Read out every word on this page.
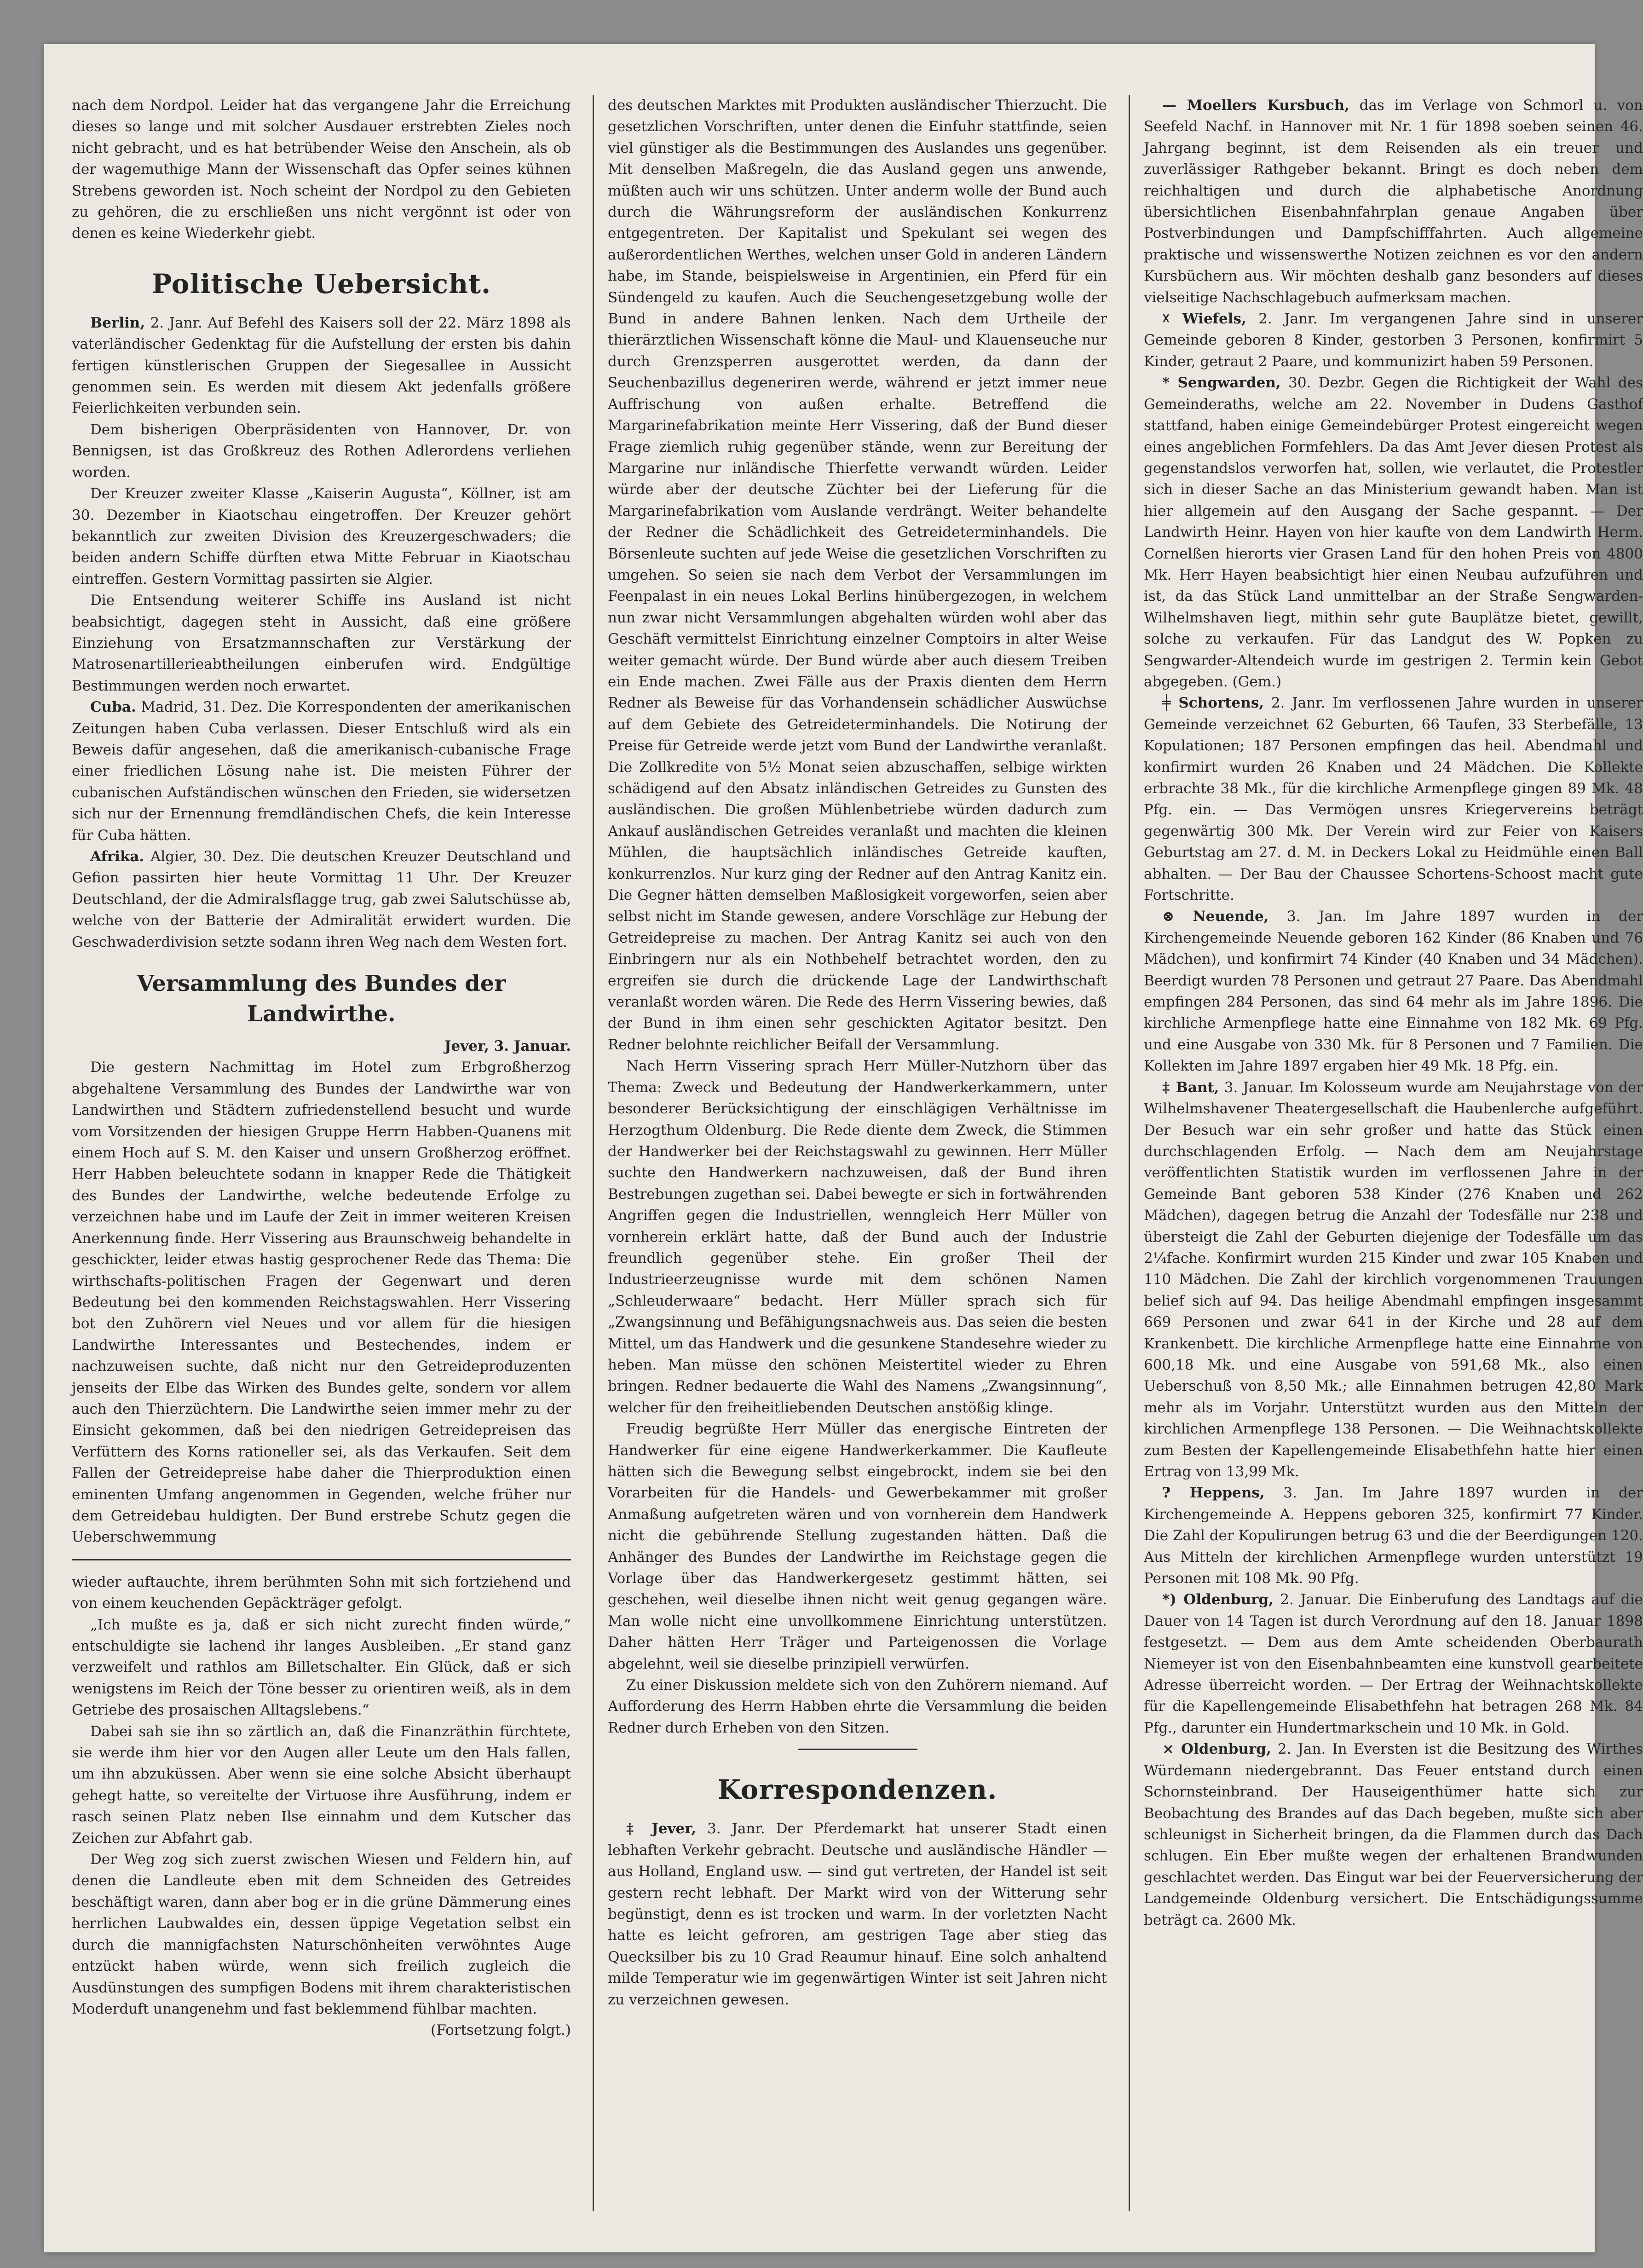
nach dem Nordpol. Leider hat das vergangene Jahr die Erreichung dieses so lange und mit solcher Ausdauer erstrebten Zieles noch nicht gebracht, und es hat betrübender Weise den Anschein, als ob der wagemuthige Mann der Wissenschaft das Opfer seines kühnen Strebens geworden ist. Noch scheint der Nordpol zu den Gebieten zu gehören, die zu erschließen uns nicht vergönnt ist oder von denen es keine Wiederkehr giebt.

Politische Uebersicht.

Berlin, 2. Janr. Auf Befehl des Kaisers soll der 22. März 1898 als vaterländischer Gedenktag für die Aufstellung der ersten bis dahin fertigen künstlerischen Gruppen der Siegesallee in Aussicht genommen sein. Es werden mit diesem Akt jedenfalls größere Feierlichkeiten verbunden sein.

Dem bisherigen Oberpräsidenten von Hannover, Dr. von Bennigsen, ist das Großkreuz des Rothen Adlerordens verliehen worden.

Der Kreuzer zweiter Klasse „Kaiserin Augusta“, Köllner, ist am 30. Dezember in Kiaotschau eingetroffen. Der Kreuzer gehört bekanntlich zur zweiten Division des Kreuzergeschwaders; die beiden andern Schiffe dürften etwa Mitte Februar in Kiaotschau eintreffen. Gestern Vormittag passirten sie Algier.

Die Entsendung weiterer Schiffe ins Ausland ist nicht beabsichtigt, dagegen steht in Aussicht, daß eine größere Einziehung von Ersatzmannschaften zur Verstärkung der Matrosenartillerieabtheilungen einberufen wird. Endgültige Bestimmungen werden noch erwartet.

Cuba. Madrid, 31. Dez. Die Korrespondenten der amerikanischen Zeitungen haben Cuba verlassen. Dieser Entschluß wird als ein Beweis dafür angesehen, daß die amerikanisch-cubanische Frage einer friedlichen Lösung nahe ist. Die meisten Führer der cubanischen Aufständischen wünschen den Frieden, sie widersetzen sich nur der Ernennung fremdländischen Chefs, die kein Interesse für Cuba hätten.

Afrika. Algier, 30. Dez. Die deutschen Kreuzer Deutschland und Gefion passirten hier heute Vormittag 11 Uhr. Der Kreuzer Deutschland, der die Admiralsflagge trug, gab zwei Salutschüsse ab, welche von der Batterie der Admiralität erwidert wurden. Die Geschwaderdivision setzte sodann ihren Weg nach dem Westen fort.

Versammlung des Bundes der Landwirthe.
Jever, 3. Januar.

Die gestern Nachmittag im Hotel zum Erbgroßherzog abgehaltene Versammlung des Bundes der Landwirthe war von Landwirthen und Städtern zufriedenstellend besucht und wurde vom Vorsitzenden der hiesigen Gruppe Herrn Habben-Quanens mit einem Hoch auf S. M. den Kaiser und unsern Großherzog eröffnet. Herr Habben beleuchtete sodann in knapper Rede die Thätigkeit des Bundes der Landwirthe, welche bedeutende Erfolge zu verzeichnen habe und im Laufe der Zeit in immer weiteren Kreisen Anerkennung finde. Herr Vissering aus Braunschweig behandelte in geschickter, leider etwas hastig gesprochener Rede das Thema: Die wirthschafts-politischen Fragen der Gegenwart und deren Bedeutung bei den kommenden Reichstagswahlen. Herr Vissering bot den Zuhörern viel Neues und vor allem für die hiesigen Landwirthe Interessantes und Bestechendes, indem er nachzuweisen suchte, daß nicht nur den Getreideproduzenten jenseits der Elbe das Wirken des Bundes gelte, sondern vor allem auch den Thierzüchtern. Die Landwirthe seien immer mehr zu der Einsicht gekommen, daß bei den niedrigen Getreidepreisen das Verfüttern des Korns rationeller sei, als das Verkaufen. Seit dem Fallen der Getreidepreise habe daher die Thierproduktion einen eminenten Umfang angenommen in Gegenden, welche früher nur dem Getreidebau huldigten. Der Bund erstrebe Schutz gegen die Ueberschwemmung

wieder auftauchte, ihrem berühmten Sohn mit sich fortziehend und von einem keuchenden Gepäckträger gefolgt.

„Ich mußte es ja, daß er sich nicht zurecht finden würde,“ entschuldigte sie lachend ihr langes Ausbleiben. „Er stand ganz verzweifelt und rathlos am Billetschalter. Ein Glück, daß er sich wenigstens im Reich der Töne besser zu orientiren weiß, als in dem Getriebe des prosaischen Alltagslebens.“

Dabei sah sie ihn so zärtlich an, daß die Finanzräthin fürchtete, sie werde ihm hier vor den Augen aller Leute um den Hals fallen, um ihn abzuküssen. Aber wenn sie eine solche Absicht überhaupt gehegt hatte, so vereitelte der Virtuose ihre Ausführung, indem er rasch seinen Platz neben Ilse einnahm und dem Kutscher das Zeichen zur Abfahrt gab.

Der Weg zog sich zuerst zwischen Wiesen und Feldern hin, auf denen die Landleute eben mit dem Schneiden des Getreides beschäftigt waren, dann aber bog er in die grüne Dämmerung eines herrlichen Laubwaldes ein, dessen üppige Vegetation selbst ein durch die mannigfachsten Naturschönheiten verwöhntes Auge entzückt haben würde, wenn sich freilich zugleich die Ausdünstungen des sumpfigen Bodens mit ihrem charakteristischen Moderduft unangenehm und fast beklemmend fühlbar machten.

(Fortsetzung folgt.)

des deutschen Marktes mit Produkten ausländischer Thierzucht. Die gesetzlichen Vorschriften, unter denen die Einfuhr stattfinde, seien viel günstiger als die Bestimmungen des Auslandes uns gegenüber. Mit denselben Maßregeln, die das Ausland gegen uns anwende, müßten auch wir uns schützen. Unter anderm wolle der Bund auch durch die Währungsreform der ausländischen Konkurrenz entgegentreten. Der Kapitalist und Spekulant sei wegen des außerordentlichen Werthes, welchen unser Gold in anderen Ländern habe, im Stande, beispielsweise in Argentinien, ein Pferd für ein Sündengeld zu kaufen. Auch die Seuchengesetzgebung wolle der Bund in andere Bahnen lenken. Nach dem Urtheile der thierärztlichen Wissenschaft könne die Maul- und Klauenseuche nur durch Grenzsperren ausgerottet werden, da dann der Seuchenbazillus degeneriren werde, während er jetzt immer neue Auffrischung von außen erhalte. Betreffend die Margarinefabrikation meinte Herr Vissering, daß der Bund dieser Frage ziemlich ruhig gegenüber stände, wenn zur Bereitung der Margarine nur inländische Thierfette verwandt würden. Leider würde aber der deutsche Züchter bei der Lieferung für die Margarinefabrikation vom Auslande verdrängt. Weiter behandelte der Redner die Schädlichkeit des Getreideterminhandels. Die Börsenleute suchten auf jede Weise die gesetzlichen Vorschriften zu umgehen. So seien sie nach dem Verbot der Versammlungen im Feenpalast in ein neues Lokal Berlins hinübergezogen, in welchem nun zwar nicht Versammlungen abgehalten würden wohl aber das Geschäft vermittelst Einrichtung einzelner Comptoirs in alter Weise weiter gemacht würde. Der Bund würde aber auch diesem Treiben ein Ende machen. Zwei Fälle aus der Praxis dienten dem Herrn Redner als Beweise für das Vorhandensein schädlicher Auswüchse auf dem Gebiete des Getreideterminhandels. Die Notirung der Preise für Getreide werde jetzt vom Bund der Landwirthe veranlaßt. Die Zollkredite von 5½ Monat seien abzuschaffen, selbige wirkten schädigend auf den Absatz inländischen Getreides zu Gunsten des ausländischen. Die großen Mühlenbetriebe würden dadurch zum Ankauf ausländischen Getreides veranlaßt und machten die kleinen Mühlen, die hauptsächlich inländisches Getreide kauften, konkurrenzlos. Nur kurz ging der Redner auf den Antrag Kanitz ein. Die Gegner hätten demselben Maßlosigkeit vorgeworfen, seien aber selbst nicht im Stande gewesen, andere Vorschläge zur Hebung der Getreidepreise zu machen. Der Antrag Kanitz sei auch von den Einbringern nur als ein Nothbehelf betrachtet worden, den zu ergreifen sie durch die drückende Lage der Landwirthschaft veranlaßt worden wären. Die Rede des Herrn Vissering bewies, daß der Bund in ihm einen sehr geschickten Agitator besitzt. Den Redner belohnte reichlicher Beifall der Versammlung.

Nach Herrn Vissering sprach Herr Müller-Nutzhorn über das Thema: Zweck und Bedeutung der Handwerkerkammern, unter besonderer Berücksichtigung der einschlägigen Verhältnisse im Herzogthum Oldenburg. Die Rede diente dem Zweck, die Stimmen der Handwerker bei der Reichstagswahl zu gewinnen. Herr Müller suchte den Handwerkern nachzuweisen, daß der Bund ihren Bestrebungen zugethan sei. Dabei bewegte er sich in fortwährenden Angriffen gegen die Industriellen, wenngleich Herr Müller von vornherein erklärt hatte, daß der Bund auch der Industrie freundlich gegenüber stehe. Ein großer Theil der Industrieerzeugnisse wurde mit dem schönen Namen „Schleuderwaare“ bedacht. Herr Müller sprach sich für „Zwangsinnung und Befähigungsnachweis aus. Das seien die besten Mittel, um das Handwerk und die gesunkene Standesehre wieder zu heben. Man müsse den schönen Meistertitel wieder zu Ehren bringen. Redner bedauerte die Wahl des Namens „Zwangsinnung“, welcher für den freiheitliebenden Deutschen anstößig klinge.

Freudig begrüßte Herr Müller das energische Eintreten der Handwerker für eine eigene Handwerkerkammer. Die Kaufleute hätten sich die Bewegung selbst eingebrockt, indem sie bei den Vorarbeiten für die Handels- und Gewerbekammer mit großer Anmaßung aufgetreten wären und von vornherein dem Handwerk nicht die gebührende Stellung zugestanden hätten. Daß die Anhänger des Bundes der Landwirthe im Reichstage gegen die Vorlage über das Handwerkergesetz gestimmt hätten, sei geschehen, weil dieselbe ihnen nicht weit genug gegangen wäre. Man wolle nicht eine unvollkommene Einrichtung unterstützen. Daher hätten Herr Träger und Parteigenossen die Vorlage abgelehnt, weil sie dieselbe prinzipiell verwürfen.

Zu einer Diskussion meldete sich von den Zuhörern niemand. Auf Aufforderung des Herrn Habben ehrte die Versammlung die beiden Redner durch Erheben von den Sitzen.

Korrespondenzen.

‡ Jever, 3. Janr. Der Pferdemarkt hat unserer Stadt einen lebhaften Verkehr gebracht. Deutsche und ausländische Händler — aus Holland, England usw. — sind gut vertreten, der Handel ist seit gestern recht lebhaft. Der Markt wird von der Witterung sehr begünstigt, denn es ist trocken und warm. In der vorletzten Nacht hatte es leicht gefroren, am gestrigen Tage aber stieg das Quecksilber bis zu 10 Grad Reaumur hinauf. Eine solch anhaltend milde Temperatur wie im gegenwärtigen Winter ist seit Jahren nicht zu verzeichnen gewesen.

— Moellers Kursbuch, das im Verlage von Schmorl u. von Seefeld Nachf. in Hannover mit Nr. 1 für 1898 soeben seinen 46. Jahrgang beginnt, ist dem Reisenden als ein treuer und zuverlässiger Rathgeber bekannt. Bringt es doch neben dem reichhaltigen und durch die alphabetische Anordnung übersichtlichen Eisenbahnfahrplan genaue Angaben über Postverbindungen und Dampfschifffahrten. Auch allgemeine praktische und wissenswerthe Notizen zeichnen es vor den andern Kursbüchern aus. Wir möchten deshalb ganz besonders auf dieses vielseitige Nachschlagebuch aufmerksam machen.

☓ Wiefels, 2. Janr. Im vergangenen Jahre sind in unserer Gemeinde geboren 8 Kinder, gestorben 3 Personen, konfirmirt 5 Kinder, getraut 2 Paare, und kommunizirt haben 59 Personen.

* Sengwarden, 30. Dezbr. Gegen die Richtigkeit der Wahl des Gemeinderaths, welche am 22. November in Dudens Gasthof stattfand, haben einige Gemeindebürger Protest eingereicht wegen eines angeblichen Formfehlers. Da das Amt Jever diesen Protest als gegenstandslos verworfen hat, sollen, wie verlautet, die Protestler sich in dieser Sache an das Ministerium gewandt haben. Man ist hier allgemein auf den Ausgang der Sache gespannt. — Der Landwirth Heinr. Hayen von hier kaufte von dem Landwirth Herm. Cornelßen hierorts vier Grasen Land für den hohen Preis von 4800 Mk. Herr Hayen beabsichtigt hier einen Neubau aufzuführen und ist, da das Stück Land unmittelbar an der Straße Sengwarden-Wilhelmshaven liegt, mithin sehr gute Bauplätze bietet, gewillt, solche zu verkaufen. Für das Landgut des W. Popken zu Sengwarder-Altendeich wurde im gestrigen 2. Termin kein Gebot abgegeben. (Gem.)

╪ Schortens, 2. Janr. Im verflossenen Jahre wurden in unserer Gemeinde verzeichnet 62 Geburten, 66 Taufen, 33 Sterbefälle, 13 Kopulationen; 187 Personen empfingen das heil. Abendmahl und konfirmirt wurden 26 Knaben und 24 Mädchen. Die Kollekte erbrachte 38 Mk., für die kirchliche Armenpflege gingen 89 Mk. 48 Pfg. ein. — Das Vermögen unsres Kriegervereins beträgt gegenwärtig 300 Mk. Der Verein wird zur Feier von Kaisers Geburtstag am 27. d. M. in Deckers Lokal zu Heidmühle einen Ball abhalten. — Der Bau der Chaussee Schortens-Schoost macht gute Fortschritte.

⊗ Neuende, 3. Jan. Im Jahre 1897 wurden in der Kirchengemeinde Neuende geboren 162 Kinder (86 Knaben und 76 Mädchen), und konfirmirt 74 Kinder (40 Knaben und 34 Mädchen). Beerdigt wurden 78 Personen und getraut 27 Paare. Das Abendmahl empfingen 284 Personen, das sind 64 mehr als im Jahre 1896. Die kirchliche Armenpflege hatte eine Einnahme von 182 Mk. 69 Pfg. und eine Ausgabe von 330 Mk. für 8 Personen und 7 Familien. Die Kollekten im Jahre 1897 ergaben hier 49 Mk. 18 Pfg. ein.

‡ Bant, 3. Januar. Im Kolosseum wurde am Neujahrstage von der Wilhelmshavener Theatergesellschaft die Haubenlerche aufgeführt. Der Besuch war ein sehr großer und hatte das Stück einen durchschlagenden Erfolg. — Nach dem am Neujahrstage veröffentlichten Statistik wurden im verflossenen Jahre in der Gemeinde Bant geboren 538 Kinder (276 Knaben und 262 Mädchen), dagegen betrug die Anzahl der Todesfälle nur 238 und übersteigt die Zahl der Geburten diejenige der Todesfälle um das 2¼fache. Konfirmirt wurden 215 Kinder und zwar 105 Knaben und 110 Mädchen. Die Zahl der kirchlich vorgenommenen Trauungen belief sich auf 94. Das heilige Abendmahl empfingen insgesammt 669 Personen und zwar 641 in der Kirche und 28 auf dem Krankenbett. Die kirchliche Armenpflege hatte eine Einnahme von 600,18 Mk. und eine Ausgabe von 591,68 Mk., also einen Ueberschuß von 8,50 Mk.; alle Einnahmen betrugen 42,80 Mark mehr als im Vorjahr. Unterstützt wurden aus den Mitteln der kirchlichen Armenpflege 138 Personen. — Die Weihnachtskollekte zum Besten der Kapellengemeinde Elisabethfehn hatte hier einen Ertrag von 13,99 Mk.

? Heppens, 3. Jan. Im Jahre 1897 wurden in der Kirchengemeinde A. Heppens geboren 325, konfirmirt 77 Kinder. Die Zahl der Kopulirungen betrug 63 und die der Beerdigungen 120. Aus Mitteln der kirchlichen Armenpflege wurden unterstützt 19 Personen mit 108 Mk. 90 Pfg.

*) Oldenburg, 2. Januar. Die Einberufung des Landtags auf die Dauer von 14 Tagen ist durch Verordnung auf den 18. Januar 1898 festgesetzt. — Dem aus dem Amte scheidenden Oberbaurath Niemeyer ist von den Eisenbahnbeamten eine kunstvoll gearbeitete Adresse überreicht worden. — Der Ertrag der Weihnachtskollekte für die Kapellengemeinde Elisabethfehn hat betragen 268 Mk. 84 Pfg., darunter ein Hundertmarkschein und 10 Mk. in Gold.

⨯ Oldenburg, 2. Jan. In Eversten ist die Besitzung des Wirthes Würdemann niedergebrannt. Das Feuer entstand durch einen Schornsteinbrand. Der Hauseigenthümer hatte sich zur Beobachtung des Brandes auf das Dach begeben, mußte sich aber schleunigst in Sicherheit bringen, da die Flammen durch das Dach schlugen. Ein Eber mußte wegen der erhaltenen Brandwunden geschlachtet werden. Das Eingut war bei der Feuerversicherung der Landgemeinde Oldenburg versichert. Die Entschädigungssumme beträgt ca. 2600 Mk.
